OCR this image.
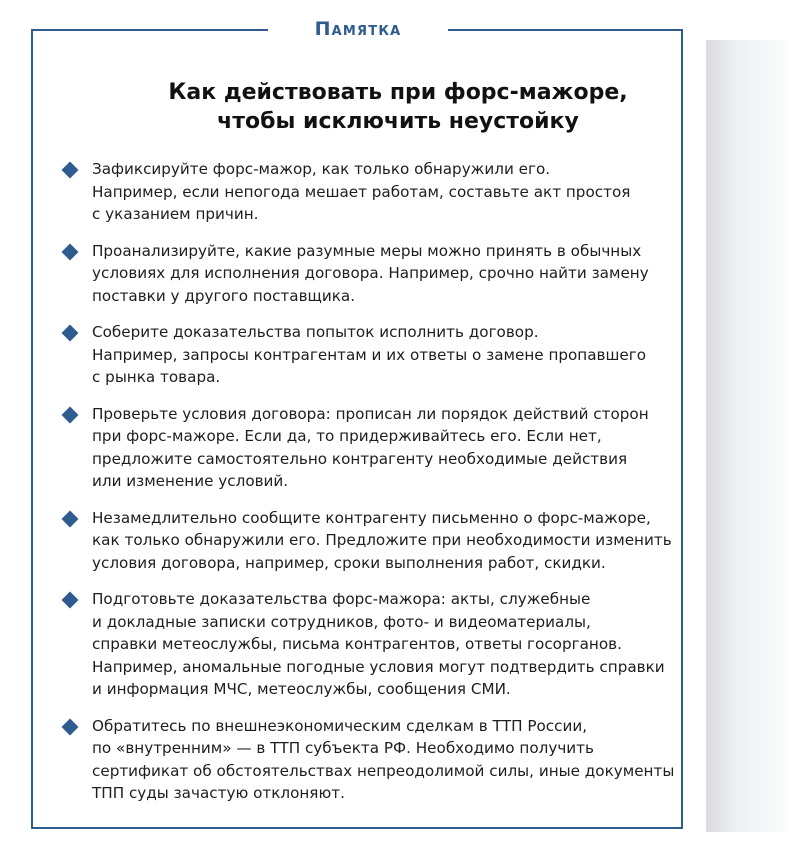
Памятка
Как действовать при форс-мажоре,
чтобы исключить неустойку
Зафиксируйте форс-мажор, как только обнаружили его.
Например, если непогода мешает работам, составьте акт простоя
с указанием причин.
Проанализируйте, какие разумные меры можно принять в обычных
условиях для исполнения договора. Например, срочно найти замену
поставки у другого поставщика.
Соберите доказательства попыток исполнить договор.
Например, запросы контрагентам и их ответы о замене пропавшего
с рынка товара.
Проверьте условия договора: прописан ли порядок действий сторон
при форс-мажоре. Если да, то придерживайтесь его. Если нет,
предложите самостоятельно контрагенту необходимые действия
или изменение условий.
Незамедлительно сообщите контрагенту письменно о форс-мажоре,
как только обнаружили его. Предложите при необходимости изменить
условия договора, например, сроки выполнения работ, скидки.
Подготовьте доказательства форс-мажора: акты, служебные
и докладные записки сотрудников, фото- и видеоматериалы,
справки метеослужбы, письма контрагентов, ответы госорганов.
Например, аномальные погодные условия могут подтвердить справки
и информация МЧС, метеослужбы, сообщения СМИ.
Обратитесь по внешнеэкономическим сделкам в ТТП России,
по «внутренним» — в ТТП субъекта РФ. Необходимо получить
сертификат об обстоятельствах непреодолимой силы, иные документы
ТПП суды зачастую отклоняют.
